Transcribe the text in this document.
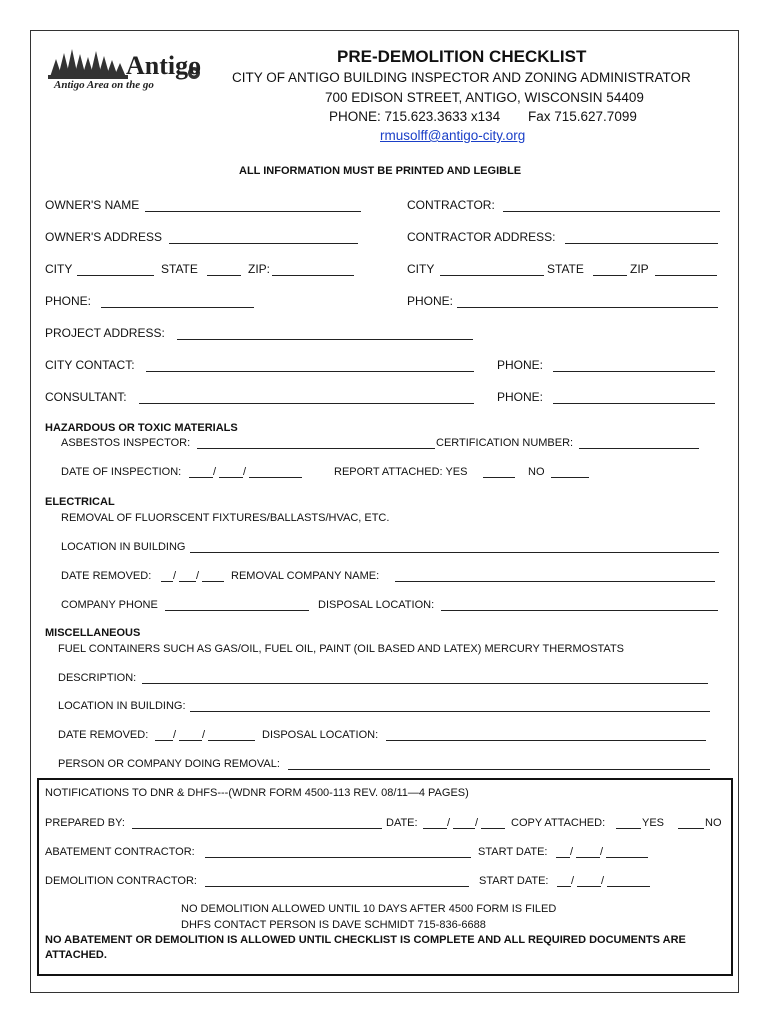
Antigo
Antigo Area on the go
PRE-DEMOLITION CHECKLIST
CITY OF ANTIGO BUILDING INSPECTOR AND ZONING ADMINISTRATOR
700 EDISON STREET, ANTIGO, WISCONSIN 54409
PHONE: 715.623.3633 x134 Fax 715.627.7099
rmusolff@antigo-city.org
ALL INFORMATION MUST BE PRINTED AND LEGIBLE
OWNER'S NAME	CONTRACTOR:
OWNER'S ADDRESS	CONTRACTOR ADDRESS:
CITY	STATE	ZIP:	CITY	STATE	ZIP
PHONE:	PHONE:
PROJECT ADDRESS:
CITY CONTACT:	PHONE:
CONSULTANT:	PHONE:
HAZARDOUS OR TOXIC MATERIALS
ASBESTOS INSPECTOR:	CERTIFICATION NUMBER:
DATE OF INSPECTION:	/ /	REPORT ATTACHED: YES	NO
ELECTRICAL
REMOVAL OF FLUORSCENT FIXTURES/BALLASTS/HVAC, ETC.
LOCATION IN BUILDING
DATE REMOVED: / /	REMOVAL COMPANY NAME:
COMPANY PHONE	DISPOSAL LOCATION:
MISCELLANEOUS
FUEL CONTAINERS SUCH AS GAS/OIL, FUEL OIL, PAINT (OIL BASED AND LATEX) MERCURY THERMOSTATS
DESCRIPTION:
LOCATION IN BUILDING:
DATE REMOVED: / /	DISPOSAL LOCATION:
PERSON OR COMPANY DOING REMOVAL:
NOTIFICATIONS TO DNR & DHFS---(WDNR FORM 4500-113 REV. 08/11—4 PAGES)
PREPARED BY:	DATE:	/ /	COPY ATTACHED:	YES	NO
ABATEMENT CONTRACTOR:	START DATE: / /
DEMOLITION CONTRACTOR:	START DATE: / /
NO DEMOLITION ALLOWED UNTIL 10 DAYS AFTER 4500 FORM IS FILED
DHFS CONTACT PERSON IS DAVE SCHMIDT 715-836-6688
NO ABATEMENT OR DEMOLITION IS ALLOWED UNTIL CHECKLIST IS COMPLETE AND ALL REQUIRED DOCUMENTS ARE
ATTACHED.
